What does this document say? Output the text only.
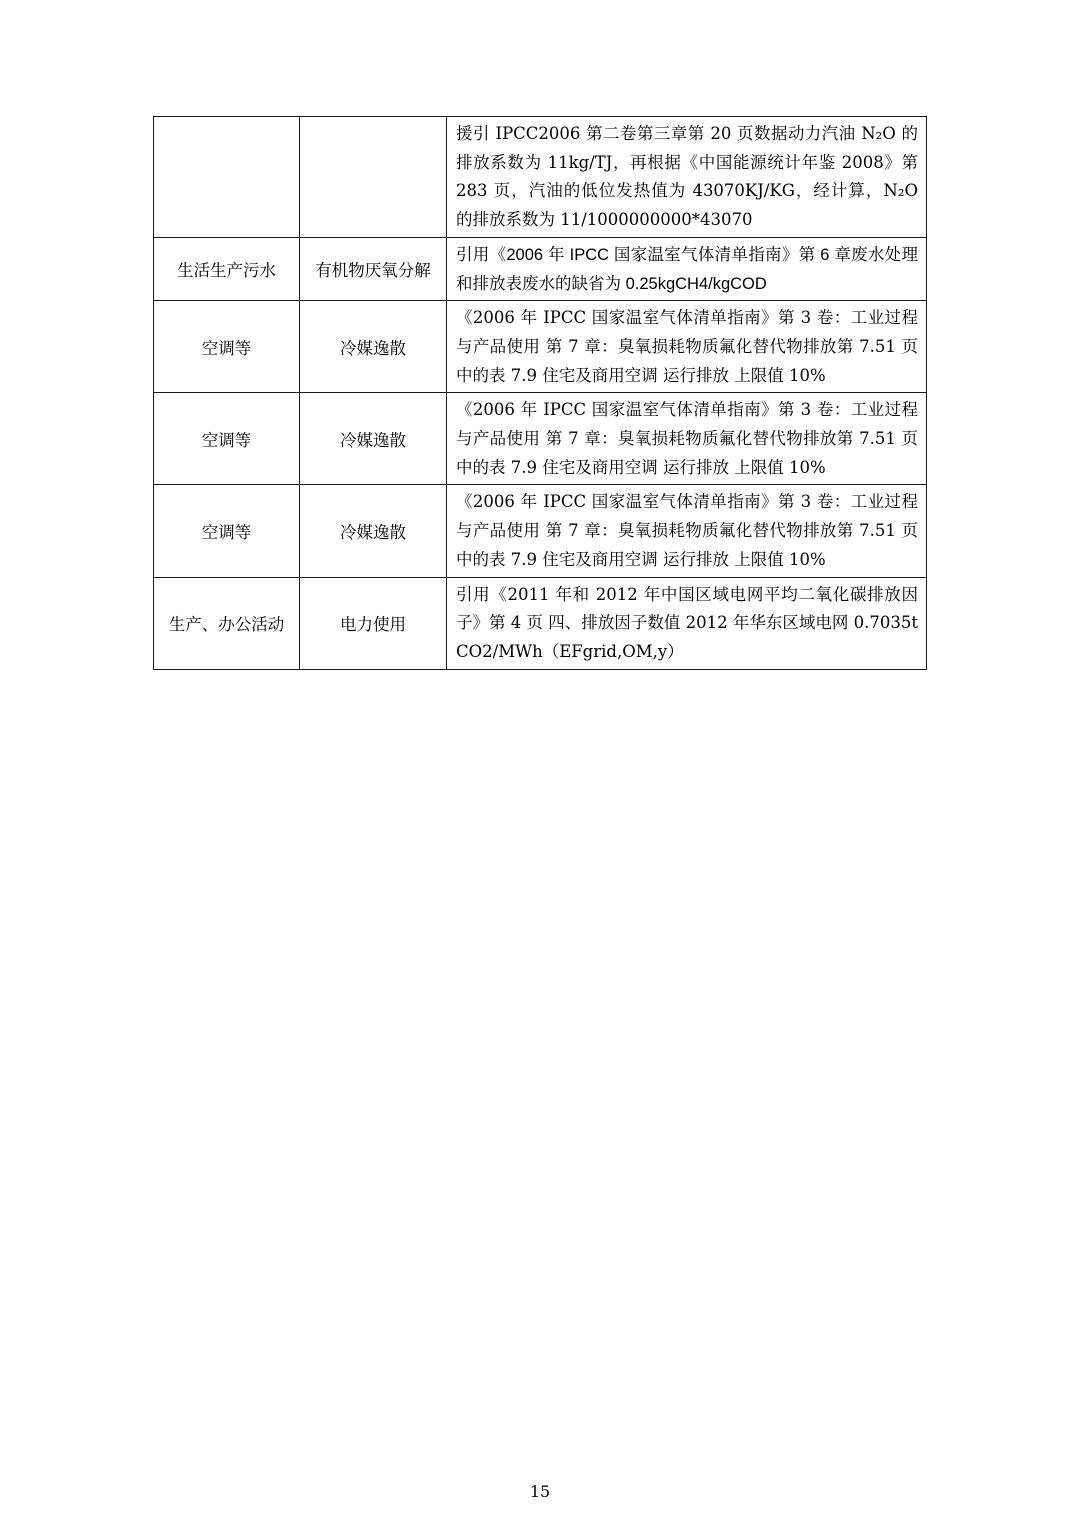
		援引 IPCC2006 第二卷第三章第 20 页数据动力汽油 N₂O 的排放系数为 11kg/TJ，再根据《中国能源统计年鉴 2008》第 283 页，汽油的低位发热值为 43070KJ/KG，经计算，N₂O 的排放系数为 11/1000000000*43070
生活生产污水	有机物厌氧分解	引用《2006 年 IPCC 国家温室气体清单指南》第 6 章废水处理和排放表废水的缺省为 0.25kgCH4/kgCOD
空调等	冷媒逸散	《2006 年 IPCC 国家温室气体清单指南》第 3 卷：工业过程与产品使用 第 7 章：臭氧损耗物质氟化替代物排放第 7.51 页中的表 7.9 住宅及商用空调 运行排放 上限值 10%
空调等	冷媒逸散	《2006 年 IPCC 国家温室气体清单指南》第 3 卷：工业过程与产品使用 第 7 章：臭氧损耗物质氟化替代物排放第 7.51 页中的表 7.9 住宅及商用空调 运行排放 上限值 10%
空调等	冷媒逸散	《2006 年 IPCC 国家温室气体清单指南》第 3 卷：工业过程与产品使用 第 7 章：臭氧损耗物质氟化替代物排放第 7.51 页中的表 7.9 住宅及商用空调 运行排放 上限值 10%
生产、办公活动	电力使用	引用《2011 年和 2012 年中国区域电网平均二氧化碳排放因子》第 4 页 四、排放因子数值 2012 年华东区域电网 0.7035tCO2/MWh（EFgrid,OM,y）
15
